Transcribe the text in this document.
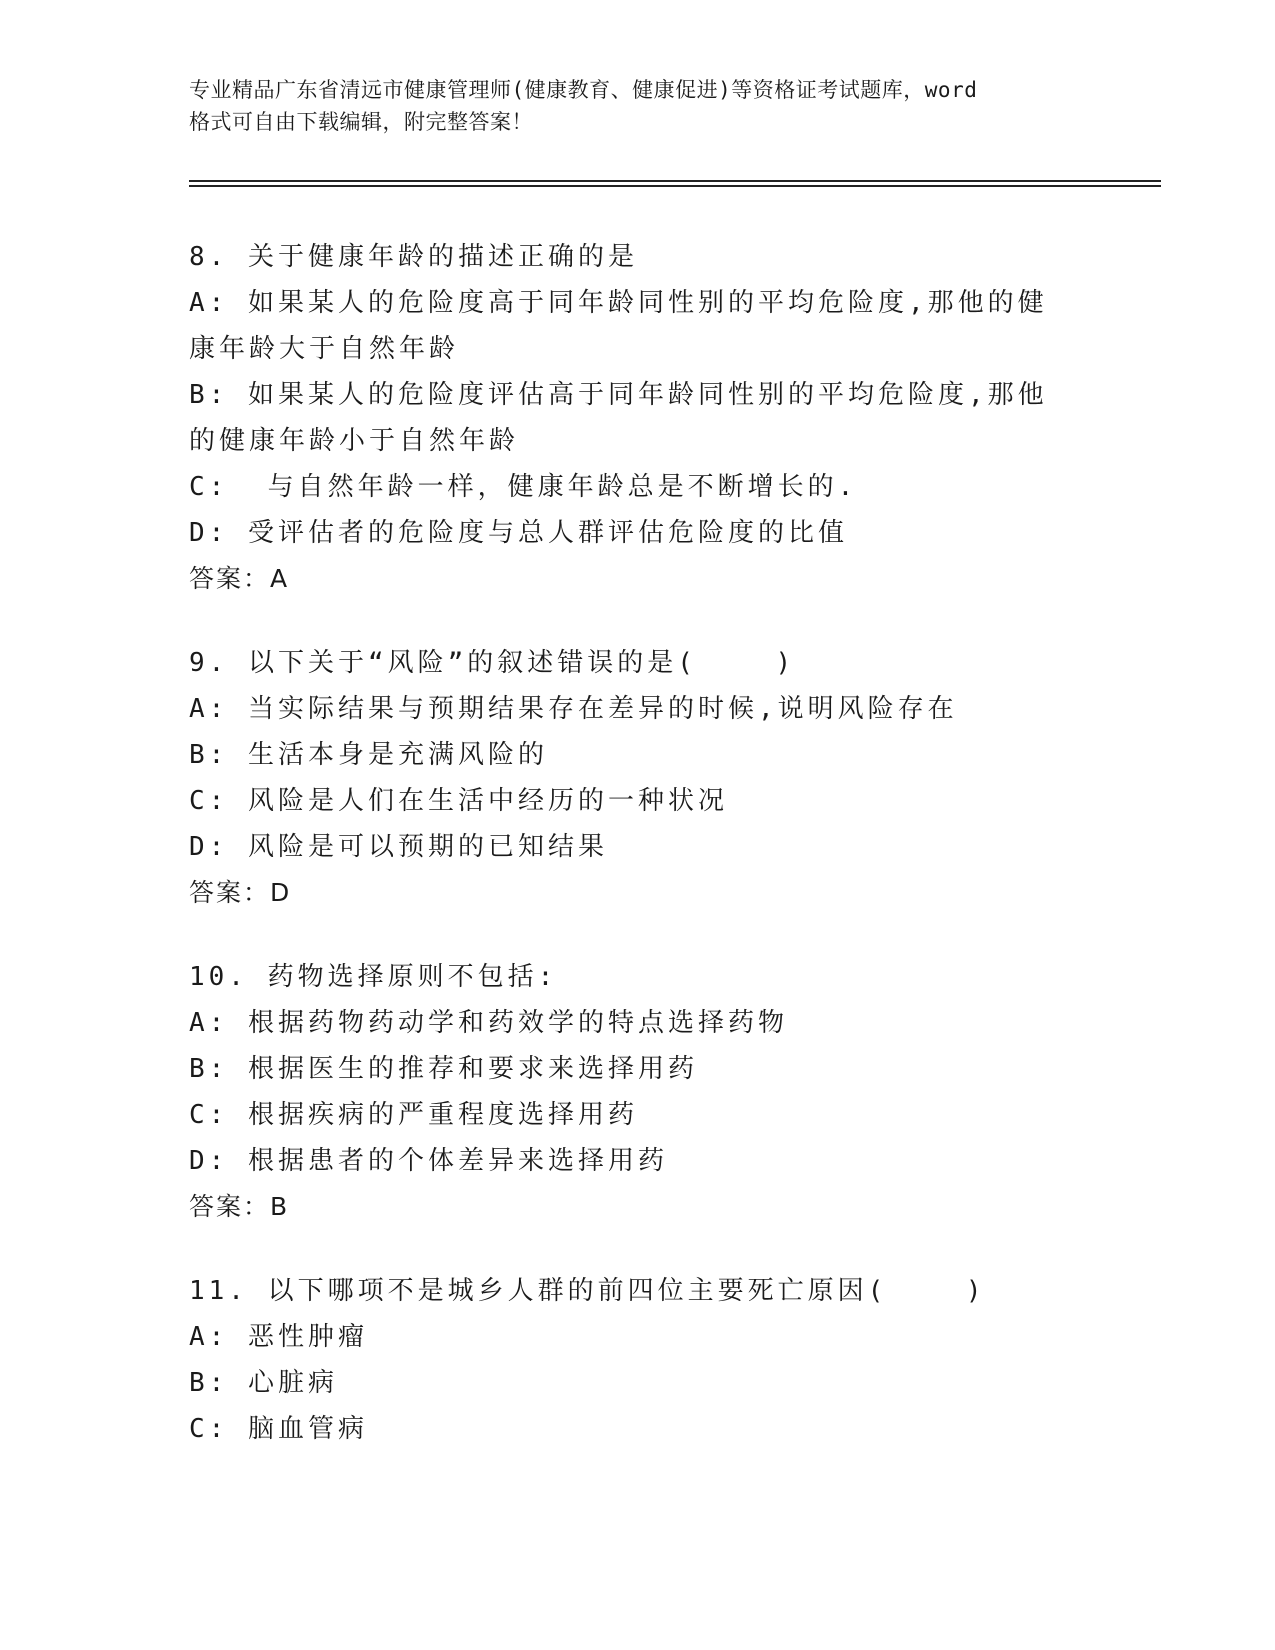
专业精品广东省清远市健康管理师(健康教育、健康促进)等资格证考试题库，word
格式可自由下载编辑，附完整答案！
8. 关于健康年龄的描述正确的是
A: 如果某人的危险度高于同年龄同性别的平均危险度,那他的健康年龄大于自然年龄
B: 如果某人的危险度评估高于同年龄同性别的平均危险度,那他的健康年龄小于自然年龄
C:  与自然年龄一样，健康年龄总是不断增长的.
D: 受评估者的危险度与总人群评估危险度的比值
答案：A
9. 以下关于“风险”的叙述错误的是(    )
A: 当实际结果与预期结果存在差异的时候,说明风险存在
B: 生活本身是充满风险的
C: 风险是人们在生活中经历的一种状况
D: 风险是可以预期的已知结果
答案：D
10. 药物选择原则不包括:
A: 根据药物药动学和药效学的特点选择药物
B: 根据医生的推荐和要求来选择用药
C: 根据疾病的严重程度选择用药
D: 根据患者的个体差异来选择用药
答案：B
11. 以下哪项不是城乡人群的前四位主要死亡原因(    )
A: 恶性肿瘤
B: 心脏病
C: 脑血管病
